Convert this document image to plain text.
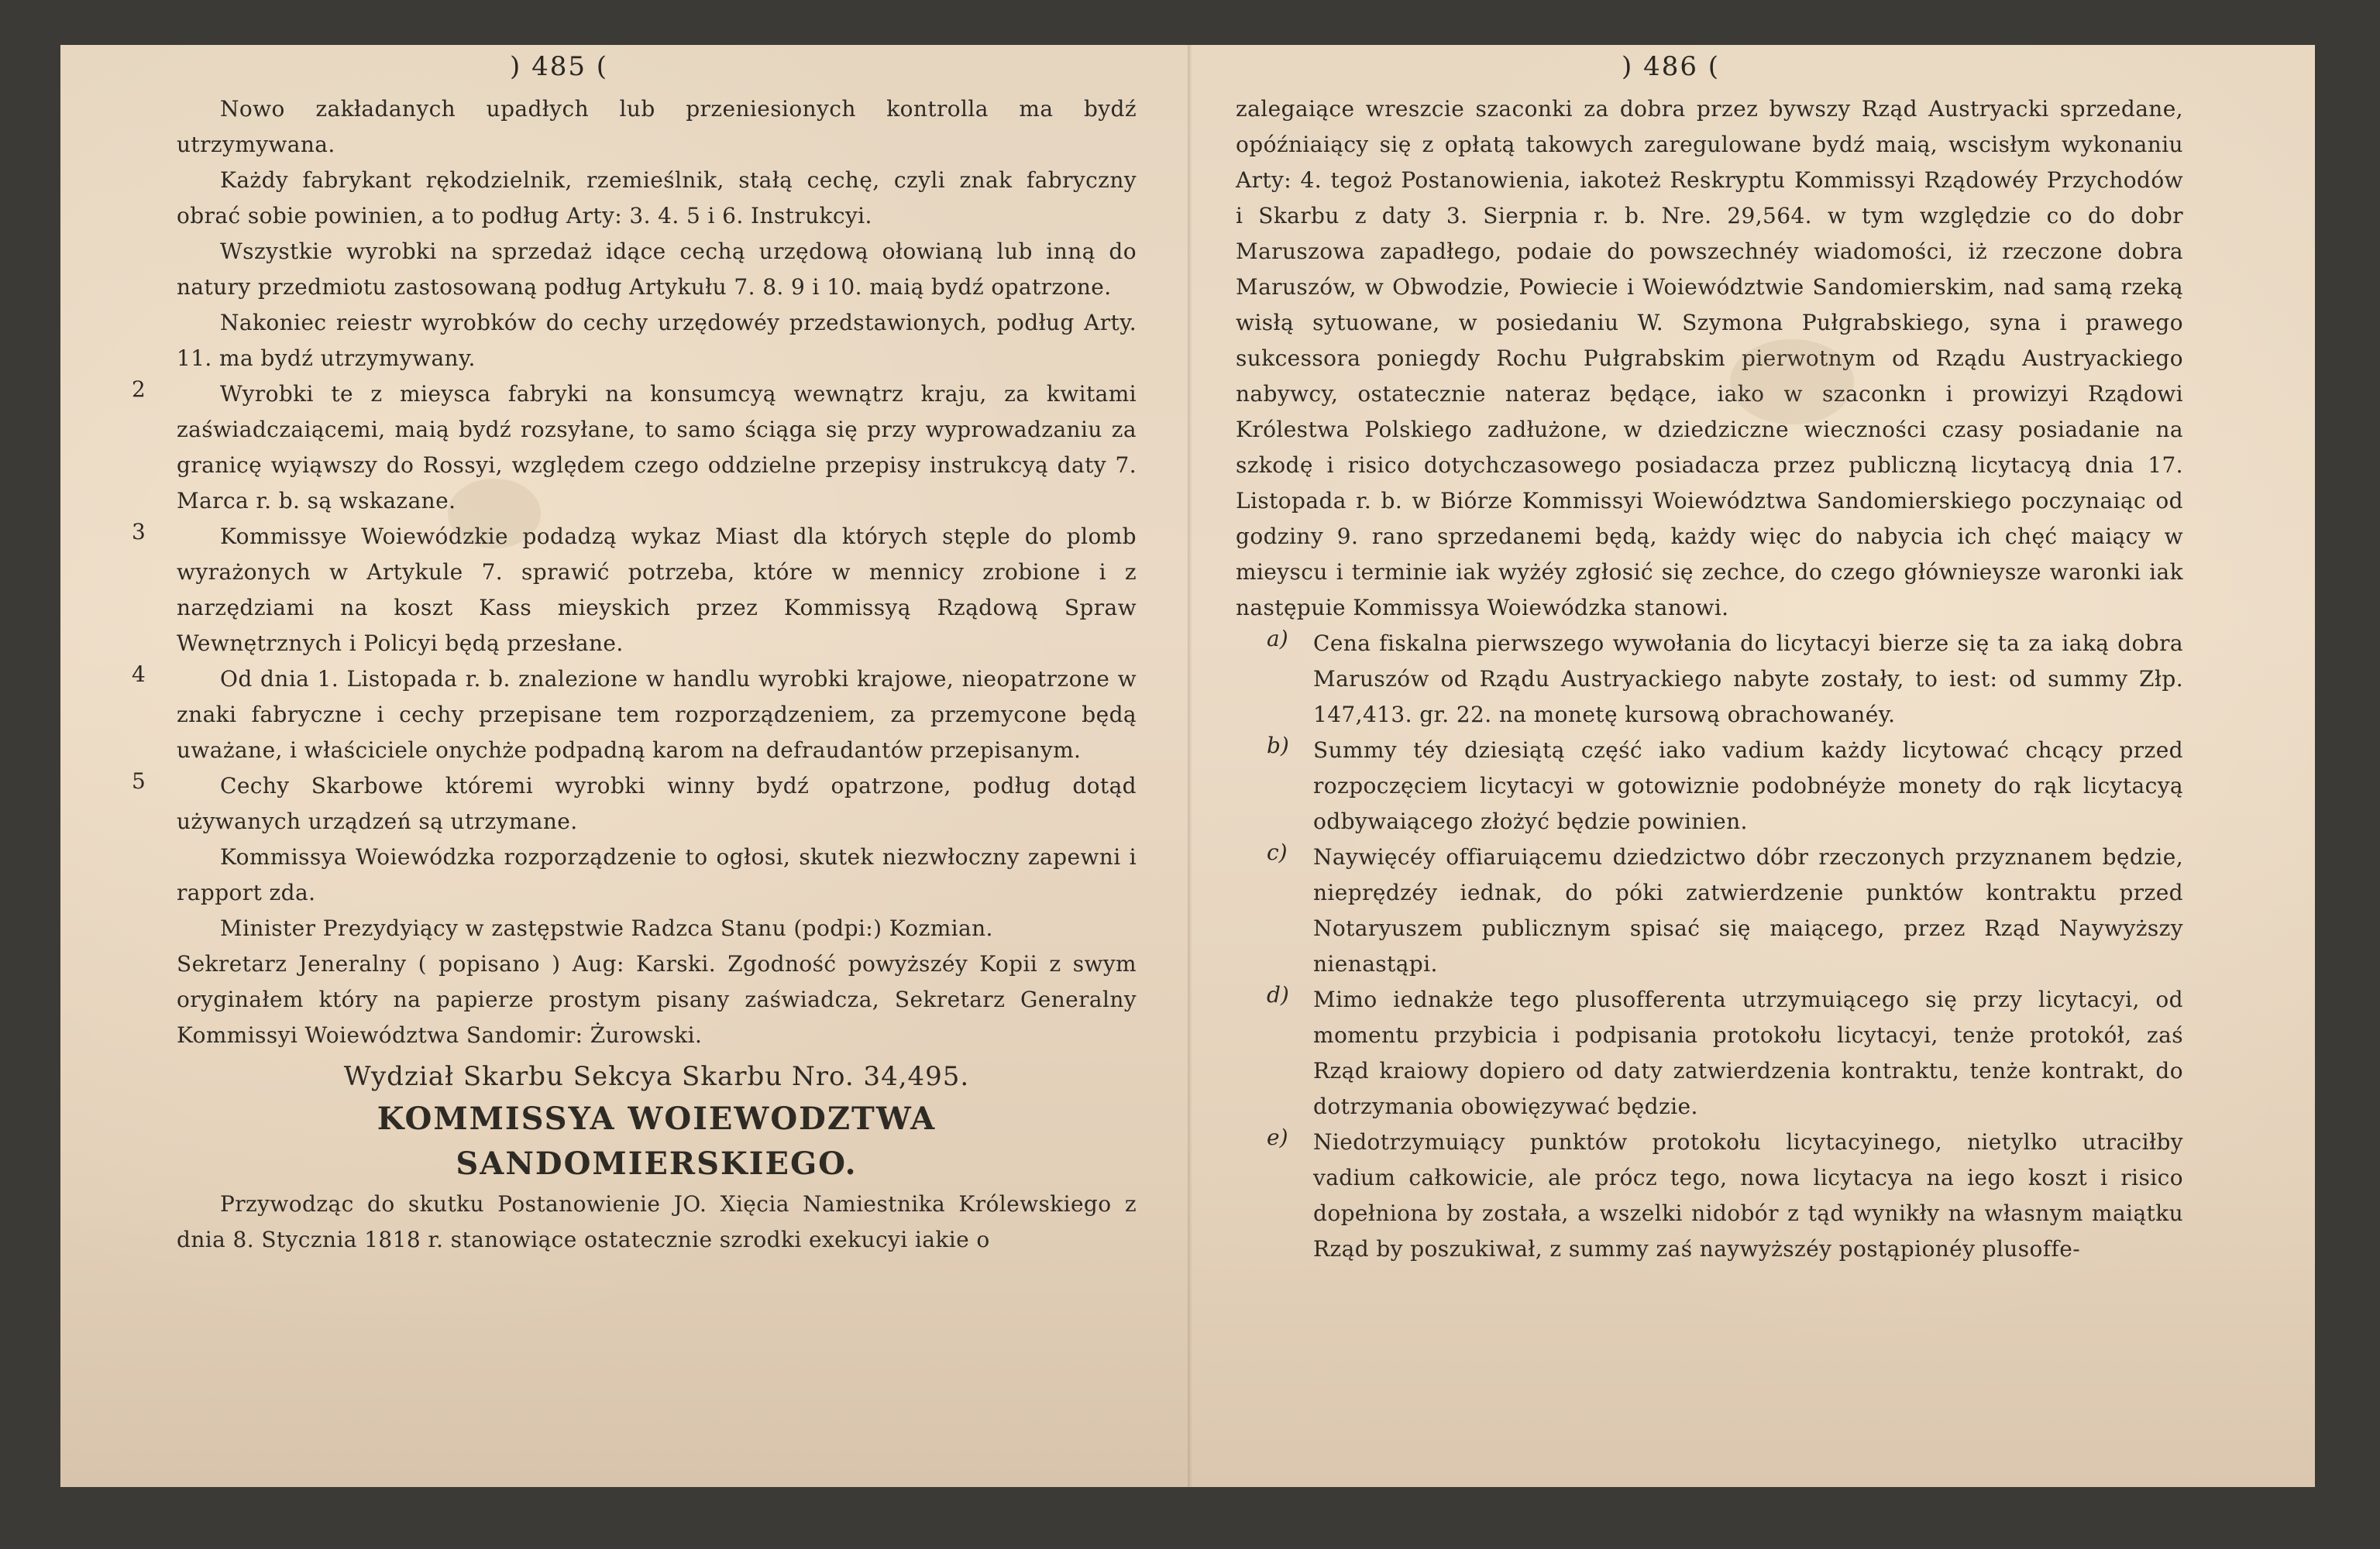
) 485 (

Nowo zakładanych upadłych lub przeniesionych kontrolla ma bydź utrzymywana.

Każdy fabrykant rękodzielnik, rzemieślnik, stałą cechę, czyli znak fabryczny obrać sobie powinien, a to podług Arty: 3. 4. 5 i 6. Instrukcyi.

Wszystkie wyrobki na sprzedaż idące cechą urzędową ołowianą lub inną do natury przedmiotu zastosowaną podług Artykułu 7. 8. 9 i 10. maią bydź opatrzone.

Nakoniec reiestr wyrobków do cechy urzędowéy przedstawionych, podług Arty. 11. ma bydź utrzymywany.

2	Wyrobki te z mieysca fabryki na konsumcyą wewnątrz kraju, za kwitami zaświadczaiącemi, maią bydź rozsyłane, to samo ściąga się przy wyprowadzaniu za granicę wyiąwszy do Rossyi, względem czego oddzielne przepisy instrukcyą daty 7. Marca r. b. są wskazane.

3	Kommissye Woiewódzkie podadzą wykaz Miast dla których stęple do plomb wyrażonych w Artykule 7. sprawić potrzeba, które w mennicy zrobione i z narzędziami na koszt Kass mieyskich przez Kommissyą Rządową Spraw Wewnętrznych i Policyi będą przesłane.

4	Od dnia 1. Listopada r. b. znalezione w handlu wyrobki krajowe, nieopatrzone w znaki fabryczne i cechy przepisane tem rozporządzeniem, za przemycone będą uważane, i właściciele onychże podpadną karom na defraudantów przepisanym.

5	Cechy Skarbowe któremi wyrobki winny bydź opatrzone, podług dotąd używanych urządzeń są utrzymane.

Kommissya Woiewódzka rozporządzenie to ogłosi, skutek niezwłoczny zapewni i rapport zda.

Minister Prezydyiący w zastępstwie Radzca Stanu (podpi:) Kozmian.

Sekretarz Jeneralny ( popisano ) Aug: Karski. Zgodność powyższéy Kopii z swym oryginałem który na papierze prostym pisany zaświadcza, Sekretarz Generalny Kommissyi Woiewództwa Sandomir: Żurowski.

Wydział Skarbu Sekcya Skarbu Nro. 34,495.
KOMMISSYA WOIEWODZTWA SANDOMIERSKIEGO.

Przywodząc do skutku Postanowienie JO. Xięcia Namiestnika Królewskiego z dnia 8. Stycznia 1818 r. stanowiące ostatecznie szrodki exekucyi iakie o

) 486 (

zalegaiące wreszcie szaconki za dobra przez bywszy Rząd Austryacki sprzedane, opóźniaiący się z opłatą takowych zaregulowane bydź maią, wscisłym wykonaniu Arty: 4. tegoż Postanowienia, iakoteż Reskryptu Kommissyi Rządowéy Przychodów i Skarbu z daty 3. Sierpnia r. b. Nre. 29,564. w tym względzie co do dobr Maruszowa zapadłego, podaie do powszechnéy wiadomości, iż rzeczone dobra Maruszów, w Obwodzie, Powiecie i Woiewództwie Sandomierskim, nad samą rzeką wisłą sytuowane, w posiedaniu W. Szymona Pułgrabskiego, syna i prawego sukcessora poniegdy Rochu Pułgrabskim pierwotnym od Rządu Austryackiego nabywcy, ostatecznie nateraz będące, iako w szaconkn i prowizyi Rządowi Królestwa Polskiego zadłużone, w dziedziczne wieczności czasy posiadanie na szkodę i risico dotychczasowego posiadacza przez publiczną licytacyą dnia 17. Listopada r. b. w Biórze Kommissyi Woiewództwa Sandomierskiego poczynaiąc od godziny 9. rano sprzedanemi będą, każdy więc do nabycia ich chęć maiący w mieyscu i terminie iak wyżéy zgłosić się zechce, do czego głównieysze waronki iak następuie Kommissya Woiewódzka stanowi.

a) Cena fiskalna pierwszego wywołania do licytacyi bierze się ta za iaką dobra Maruszów od Rządu Austryackiego nabyte zostały, to iest: od summy Złp. 147,413. gr. 22. na monetę kursową obrachowanéy.

b) Summy téy dziesiątą część iako vadium każdy licytować chcący przed rozpoczęciem licytacyi w gotowiznie podobnéyże monety do rąk licytacyą odbywaiącego złożyć będzie powinien.

c) Naywięcéy offiaruiącemu dziedzictwo dóbr rzeczonych przyznanem będzie, nieprędzéy iednak, do póki zatwierdzenie punktów kontraktu przed Notaryuszem publicznym spisać się maiącego, przez Rząd Naywyższy nienastąpi.

d) Mimo iednakże tego plusofferenta utrzymuiącego się przy licytacyi, od momentu przybicia i podpisania protokołu licytacyi, tenże protokół, zaś Rząd kraiowy dopiero od daty zatwierdzenia kontraktu, tenże kontrakt, do dotrzymania obowięzywać będzie.

e) Niedotrzymuiący punktów protokołu licytacyinego, nietylko utraciłby vadium całkowicie, ale prócz tego, nowa licytacya na iego koszt i risico dopełniona by została, a wszelki nidobór z tąd wynikły na własnym maiątku Rząd by poszukiwał, z summy zaś naywyższéy postąpionéy plusoffe-
